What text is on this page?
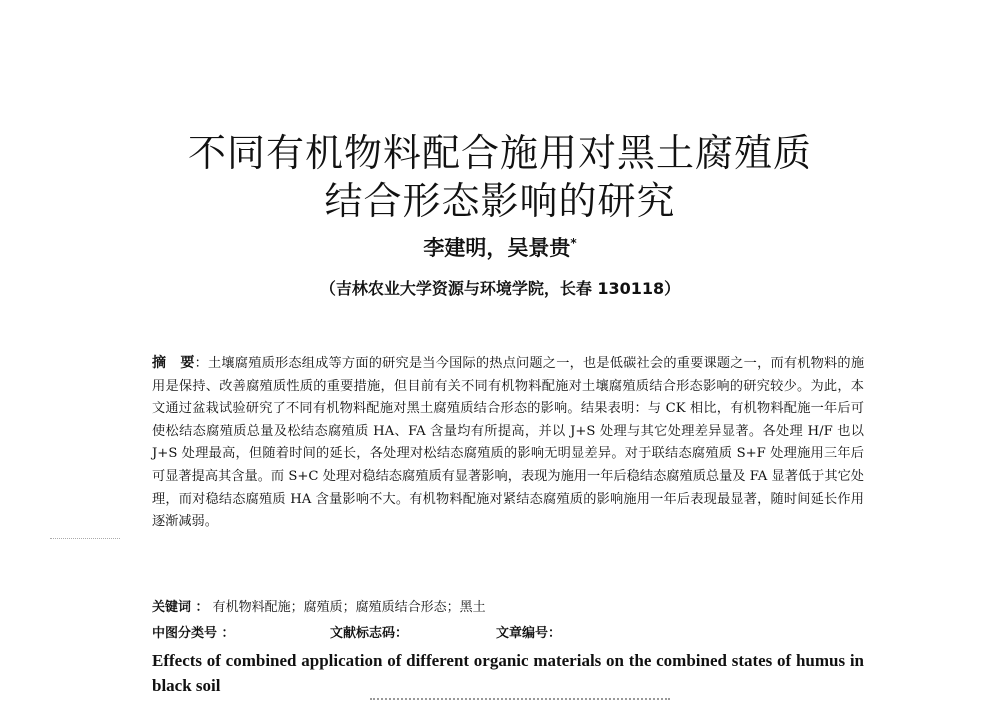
不同有机物料配合施用对黑土腐殖质
结合形态影响的研究
李建明，吴景贵*
（吉林农业大学资源与环境学院，长春 130118）
摘　要：土壤腐殖质形态组成等方面的研究是当今国际的热点问题之一，也是低碳社会的重要课题之一，而有机物料的施用是保持、改善腐殖质性质的重要措施，但目前有关不同有机物料配施对土壤腐殖质结合形态影响的研究较少。为此，本文通过盆栽试验研究了不同有机物料配施对黑土腐殖质结合形态的影响。结果表明：与 CK 相比，有机物料配施一年后可使松结态腐殖质总量及松结态腐殖质 HA、FA 含量均有所提高，并以 J+S 处理与其它处理差异显著。各处理 H/F 也以 J+S 处理最高，但随着时间的延长，各处理对松结态腐殖质的影响无明显差异。对于联结态腐殖质 S+F 处理施用三年后可显著提高其含量。而 S+C 处理对稳结态腐殖质有显著影响，表现为施用一年后稳结态腐殖质总量及 FA 显著低于其它处理，而对稳结态腐殖质 HA 含量影响不大。有机物料配施对紧结态腐殖质的影响施用一年后表现最显著，随时间延长作用逐渐减弱。
关键词 ： 有机物料配施；腐殖质；腐殖质结合形态；黑土
中图分类号 ：	文献标志码：	文章编号：
Effects of combined application of different organic materials on the combined states of humus in black soil
